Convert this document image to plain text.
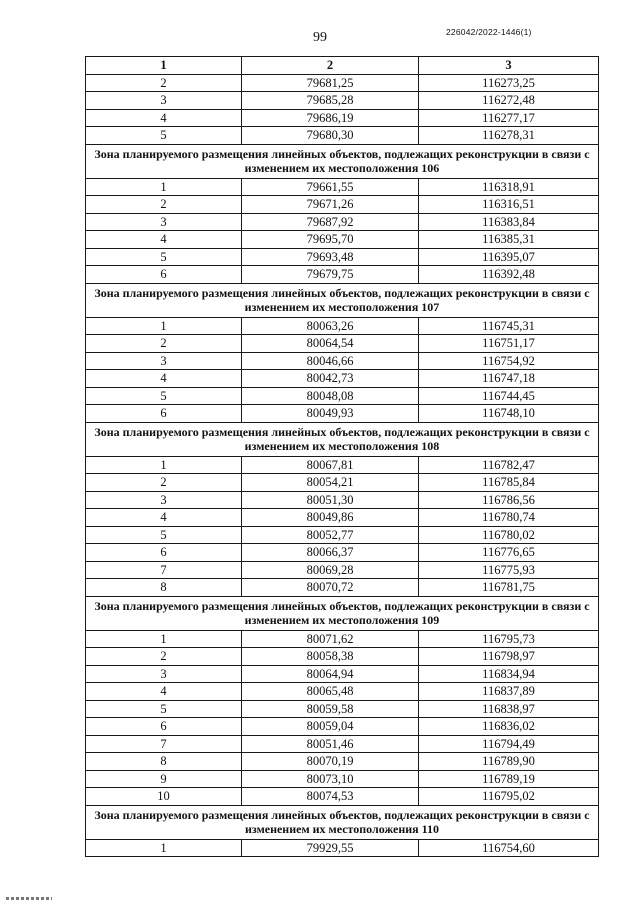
99	226042/2022-1446(1)
1	2	3
2	79681,25	116273,25
3	79685,28	116272,48
4	79686,19	116277,17
5	79680,30	116278,31
Зона планируемого размещения линейных объектов, подлежащих реконструкции в связи с изменением их местоположения 106		
1	79661,55	116318,91
2	79671,26	116316,51
3	79687,92	116383,84
4	79695,70	116385,31
5	79693,48	116395,07
6	79679,75	116392,48
Зона планируемого размещения линейных объектов, подлежащих реконструкции в связи с изменением их местоположения 107		
1	80063,26	116745,31
2	80064,54	116751,17
3	80046,66	116754,92
4	80042,73	116747,18
5	80048,08	116744,45
6	80049,93	116748,10
Зона планируемого размещения линейных объектов, подлежащих реконструкции в связи с изменением их местоположения 108		
1	80067,81	116782,47
2	80054,21	116785,84
3	80051,30	116786,56
4	80049,86	116780,74
5	80052,77	116780,02
6	80066,37	116776,65
7	80069,28	116775,93
8	80070,72	116781,75
Зона планируемого размещения линейных объектов, подлежащих реконструкции в связи с изменением их местоположения 109		
1	80071,62	116795,73
2	80058,38	116798,97
3	80064,94	116834,94
4	80065,48	116837,89
5	80059,58	116838,97
6	80059,04	116836,02
7	80051,46	116794,49
8	80070,19	116789,90
9	80073,10	116789,19
10	80074,53	116795,02
Зона планируемого размещения линейных объектов, подлежащих реконструкции в связи с изменением их местоположения 110		
1	79929,55	116754,60
